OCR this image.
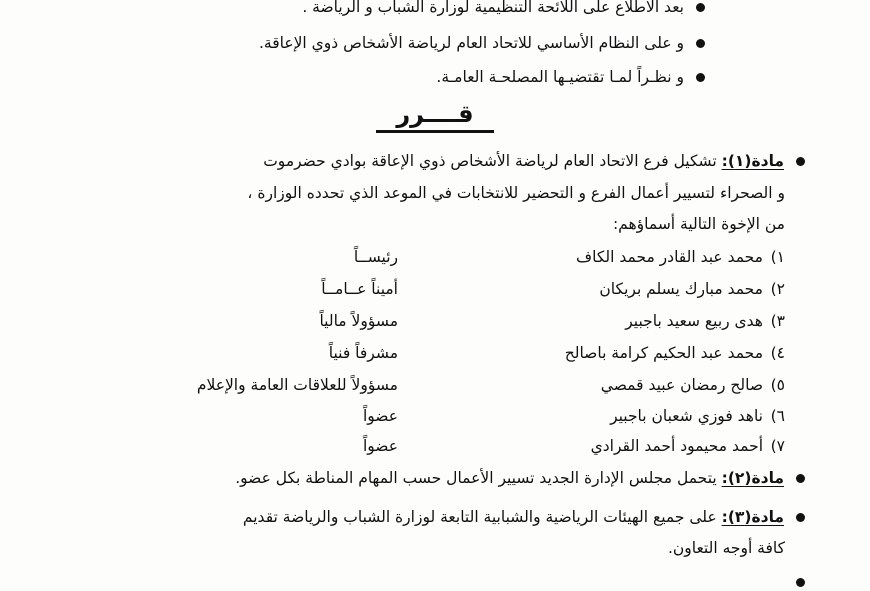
بعد الاطلاع على اللائحة التنظيمية لوزارة الشباب و الرياضة .
و على النظام الأساسي للاتحاد العام لرياضة الأشخاص ذوي الإعاقة.
و نظـراً لمـا تقتضيـها المصلحـة العامـة.
قــــرر
مادة(١): تشكيل فرع الاتحاد العام لرياضة الأشخاص ذوي الإعاقة بوادي حضرموت
و الصحراء لتسيير أعمال الفرع و التحضير للانتخابات في الموعد الذي تحدده الوزارة ،
من الإخوة التالية أسماؤهم:
١)محمد عبد القادر محمد الكاف
رئيســاً
٢)محمد مبارك يسلم بريكان
أميناً عــامــاً
٣)هدى ربيع سعيد باجبير
مسؤولاً مالياً
٤)محمد عبد الحكيم كرامة باصالح
مشرفاً فنياً
٥)صالح رمضان عبيد قمصي
مسؤولاً للعلاقات العامة والإعلام
٦)ناهد فوزي شعبان باجبير
عضواً
٧)أحمد محيمود أحمد القرادي
عضواً
مادة(٢): يتحمل مجلس الإدارة الجديد تسيير الأعمال حسب المهام المناطة بكل عضو.
مادة(٣): على جميع الهيئات الرياضية والشبابية التابعة لوزارة الشباب والرياضة تقديم
كافة أوجه التعاون.
